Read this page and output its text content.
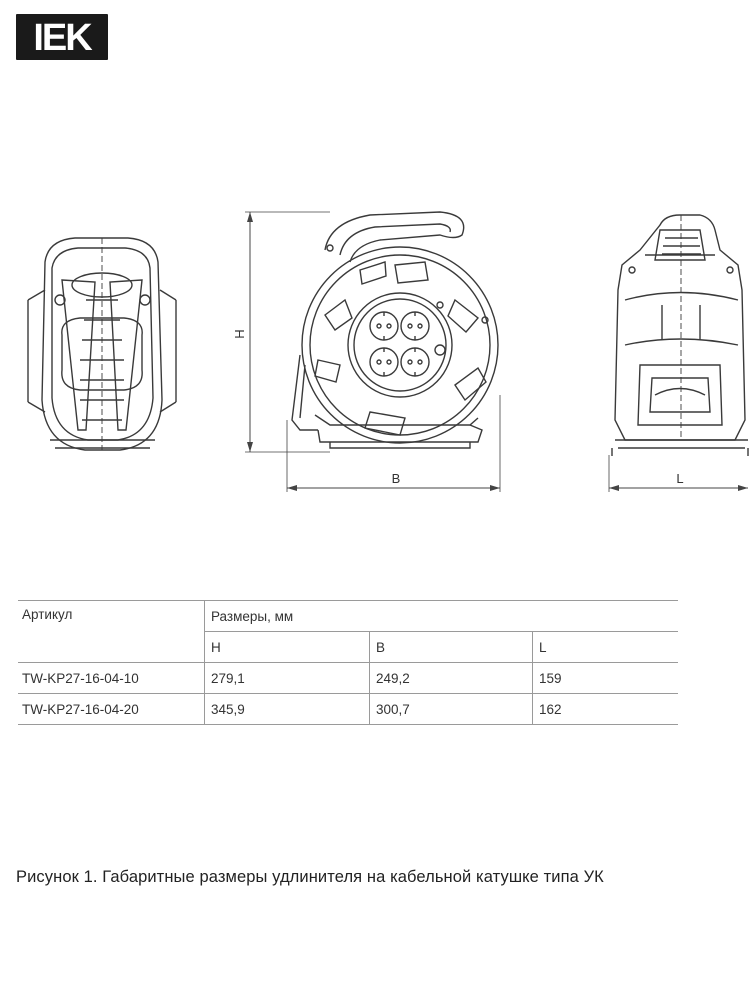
IEK
H
B	L
Артикул	Размеры, мм		
	H	B	L
TW-KP27-16-04-10	279,1	249,2	159
TW-KP27-16-04-20	345,9	300,7	162
Рисунок 1. Габаритные размеры удлинителя на кабельной катушке типа УК
